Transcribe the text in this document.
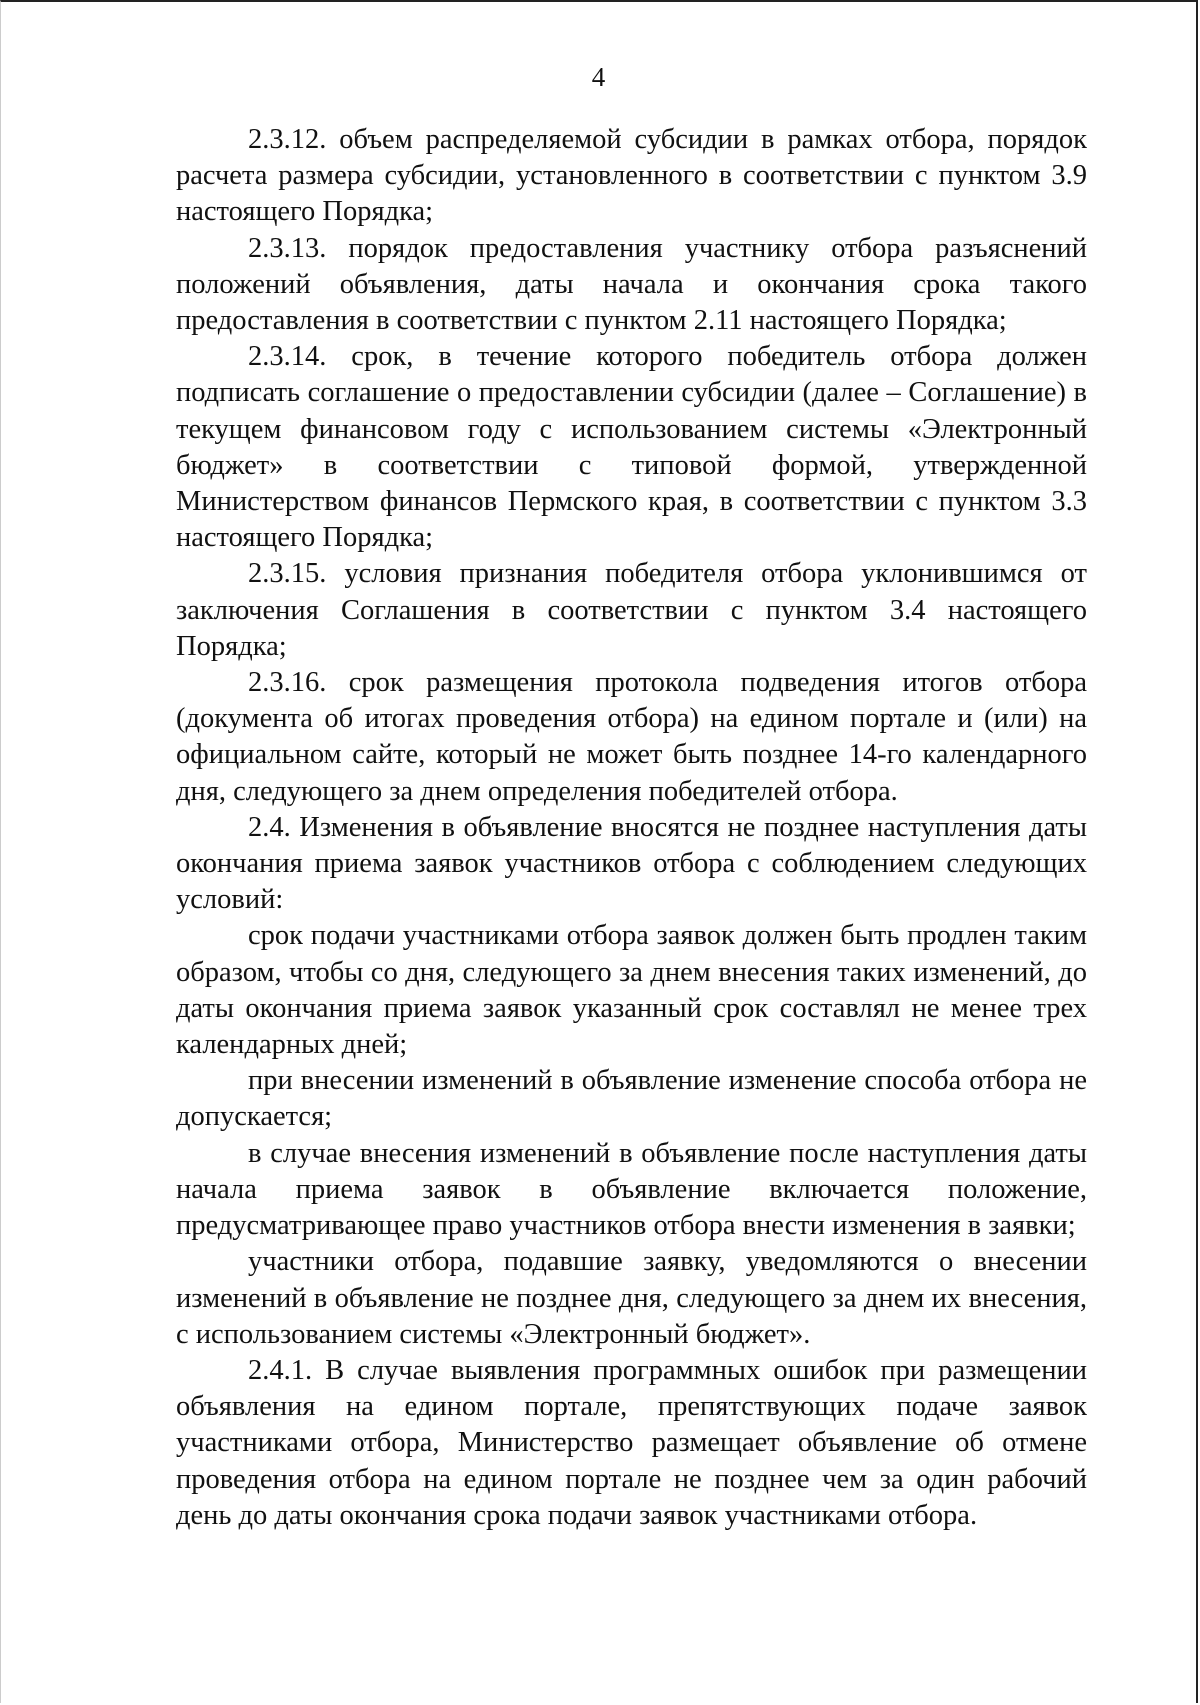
4

2.3.12. объем распределяемой субсидии в рамках отбора, порядок расчета размера субсидии, установленного в соответствии с пунктом 3.9 настоящего Порядка;

2.3.13. порядок предоставления участнику отбора разъяснений положений объявления, даты начала и окончания срока такого предоставления в соответствии с пунктом 2.11 настоящего Порядка;

2.3.14. срок, в течение которого победитель отбора должен подписать соглашение о предоставлении субсидии (далее – Соглашение) в текущем финансовом году с использованием системы «Электронный бюджет» в соответствии с типовой формой, утвержденной Министерством финансов Пермского края, в соответствии с пунктом 3.3 настоящего Порядка;

2.3.15. условия признания победителя отбора уклонившимся от заключения Соглашения в соответствии с пунктом 3.4 настоящего Порядка;

2.3.16. срок размещения протокола подведения итогов отбора (документа об итогах проведения отбора) на едином портале и (или) на официальном сайте, который не может быть позднее 14-го календарного дня, следующего за днем определения победителей отбора.

2.4. Изменения в объявление вносятся не позднее наступления даты окончания приема заявок участников отбора с соблюдением следующих условий:

срок подачи участниками отбора заявок должен быть продлен таким образом, чтобы со дня, следующего за днем внесения таких изменений, до даты окончания приема заявок указанный срок составлял не менее трех календарных дней;

при внесении изменений в объявление изменение способа отбора не допускается;

в случае внесения изменений в объявление после наступления даты начала приема заявок в объявление включается положение, предусматривающее право участников отбора внести изменения в заявки;

участники отбора, подавшие заявку, уведомляются о внесении изменений в объявление не позднее дня, следующего за днем их внесения, с использованием системы «Электронный бюджет».

2.4.1. В случае выявления программных ошибок при размещении объявления на едином портале, препятствующих подаче заявок участниками отбора, Министерство размещает объявление об отмене проведения отбора на едином портале не позднее чем за один рабочий день до даты окончания срока подачи заявок участниками отбора.
